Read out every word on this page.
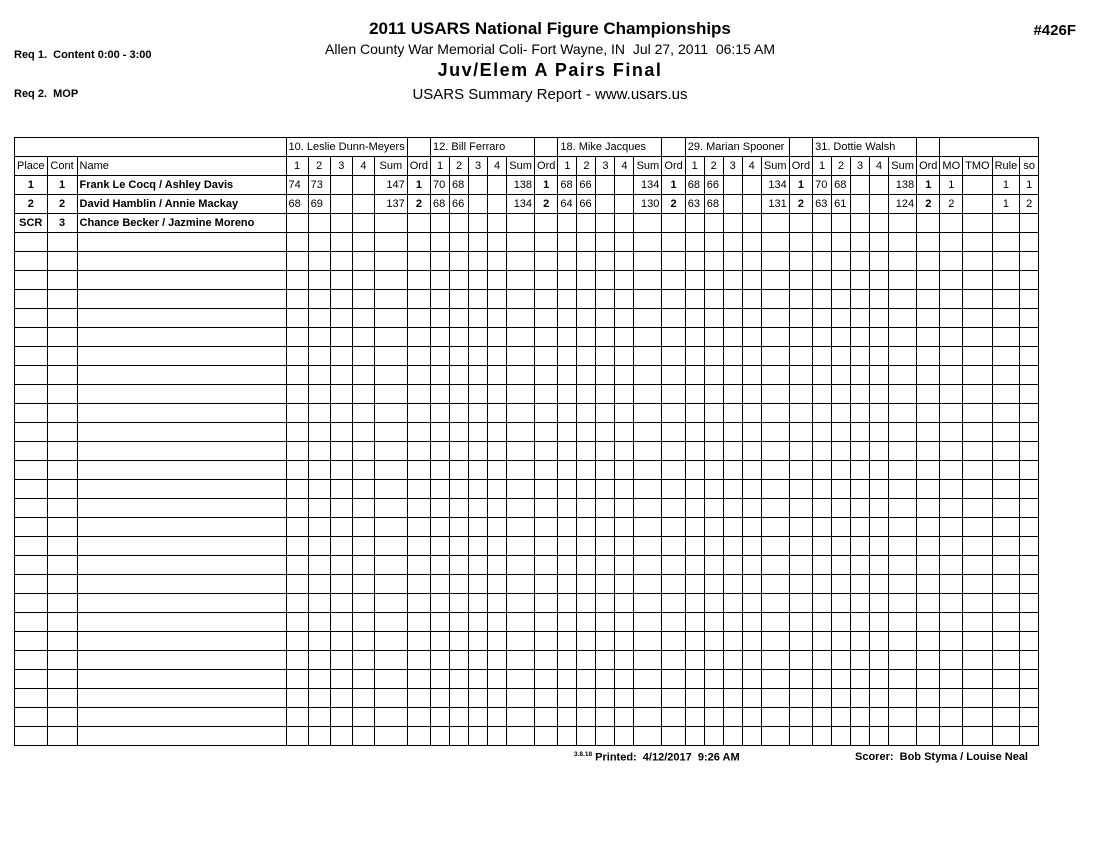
Req 1.  Content 0:00 - 3:00

Req 2.  MOP

2011 USARS National Figure Championships
Allen County War Memorial Coli- Fort Wayne, IN  Jul 27, 2011  06:15 AM
Juv/Elem A Pairs Final
USARS Summary Report - www.usars.us
#426F
			10. Leslie Dunn-Meyers						12. Bill Ferraro						18. Mike Jacques						29. Marian Spooner						31. Dottie Walsh									
Place	Cont	Name	1	2	3	4	Sum	Ord	1	2	3	4	Sum	Ord	1	2	3	4	Sum	Ord	1	2	3	4	Sum	Ord	1	2	3	4	Sum	Ord	MO	TMO	Rule	so
1	1	Frank Le Cocq / Ashley Davis	74	73			147	1	70	68			138	1	68	66			134	1	68	66			134	1	70	68			138	1	1		1	1
2	2	David Hamblin / Annie Mackay	68	69			137	2	68	66			134	2	64	66			130	2	63	68			131	2	63	61			124	2	2		1	2
SCR	3	Chance Becker / Jazmine Moreno																																		

$^{3.8.18}$ Printed:  4/12/2017  9:26 AM	Scorer:  Bob Styma / Louise Neal
